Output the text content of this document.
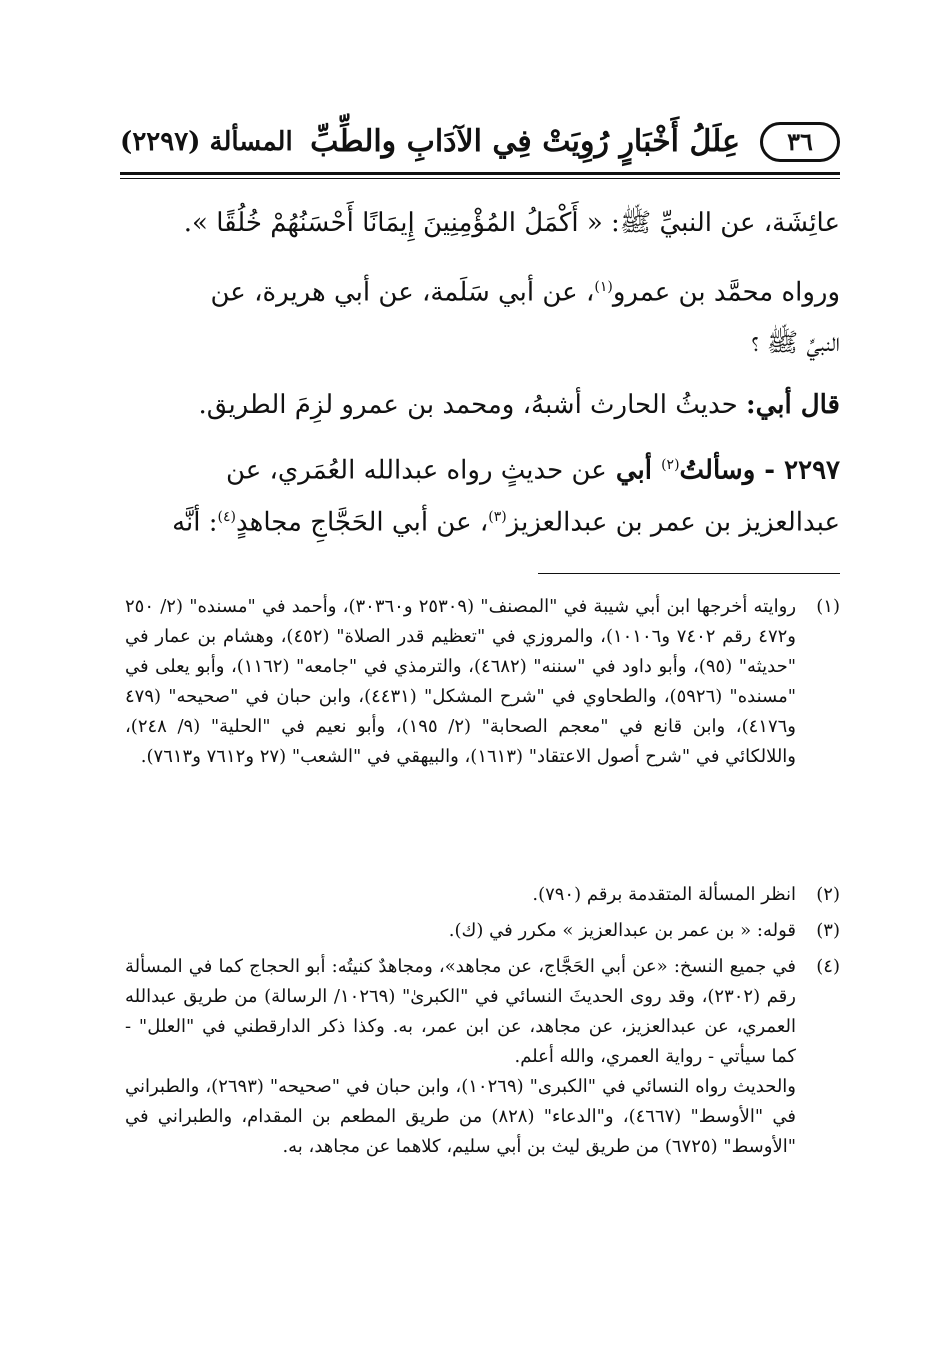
٣٦
عِلَلُ أَخْبَارٍ رُوِيَتْ فِي الآدَابِ والطِّبِّ
المسألة (٢٢٩٧)
عائِشَة، عن النبيِّ ﷺ: « أَكْمَلُ المُؤْمِنِينَ إِيمَانًا أَحْسَنُهُمْ خُلُقًا ».
ورواه محمَّد بن عمرو$^{(١)}$، عن أبي سَلَمة، عن أبي هريرة، عن
النبيِّ ﷺ ؟
قال أبي: حديثُ الحارث أشبهُ، ومحمد بن عمرو لزِمَ الطريق.
٢٢٩٧ - وسألتُ$^{(٢)}$ أبي عن حديثٍ رواه عبدالله العُمَري، عن
عبدالعزيز بن عمر بن عبدالعزيز$^{(٣)}$، عن أبي الحَجَّاجِ مجاهدٍ$^{(٤)}$: أنَّه
(١)

روايته أخرجها ابن أبي شيبة في "المصنف" (٢٥٣٠٩ و٣٠٣٦٠)، وأحمد في "مسنده" (٢/ ٢٥٠ و٤٧٢ رقم ٧٤٠٢ و١٠١٠٦)، والمروزي في "تعظيم قدر الصلاة" (٤٥٢)، وهشام بن عمار في "حديثه" (٩٥)، وأبو داود في "سننه" (٤٦٨٢)، والترمذي في "جامعه" (١١٦٢)، وأبو يعلى في "مسنده" (٥٩٢٦)، والطحاوي في "شرح المشكل" (٤٤٣١)، وابن حبان في "صحيحه" (٤٧٩ و٤١٧٦)، وابن قانع في "معجم الصحابة" (٢/ ١٩٥)، وأبو نعيم في "الحلية" (٩/ ٢٤٨)، واللالكائي في "شرح أصول الاعتقاد" (١٦١٣)، والبيهقي في "الشعب" (٢٧ و٧٦١٢ و٧٦١٣).

(٢)

انظر المسألة المتقدمة برقم (٧٩٠).

(٣)

قوله: « بن عمر بن عبدالعزيز » مكرر في (ك).

(٤)

في جميع النسخ: «عن أبي الحَجَّاج، عن مجاهد»، ومجاهدٌ كنيتُه: أبو الحجاج كما في المسألة رقم (٢٣٠٢)، وقد روى الحديثَ النسائي في "الكبرىٰ" (١٠٢٦٩/ الرسالة) من طريق عبدالله العمري، عن عبدالعزيز، عن مجاهد، عن ابن عمر، به. وكذا ذكر الدارقطني في "العلل" - كما سيأتي - رواية العمري، والله أعلم.

والحديث رواه النسائي في "الكبرى" (١٠٢٦٩)، وابن حبان في "صحيحه" (٢٦٩٣)، والطبراني في "الأوسط" (٤٦٦٧)، و"الدعاء" (٨٢٨) من طريق المطعم بن المقدام، والطبراني في "الأوسط" (٦٧٢٥) من طريق ليث بن أبي سليم، كلاهما عن مجاهد، به.
